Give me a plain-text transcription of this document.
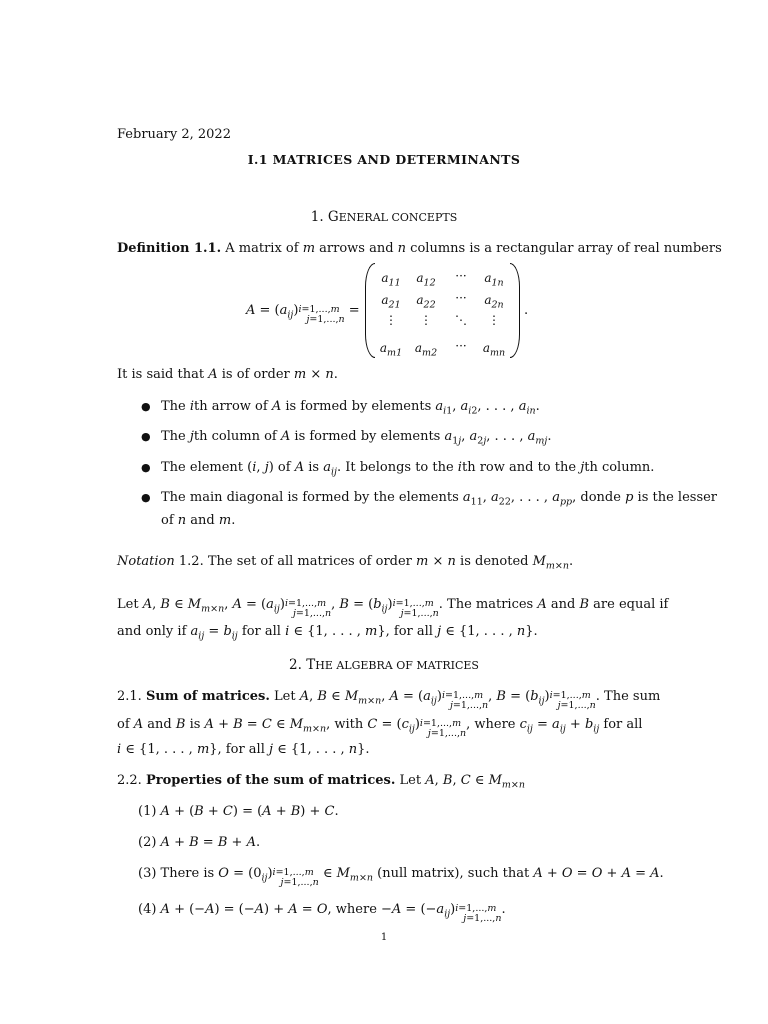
February 2, 2022
I.1 MATRICES AND DETERMINANTS
1. GENERAL CONCEPTS
Definition 1.1. A matrix of m arrows and n columns is a rectangular array of real numbers
$A = (a_{ij})$ i=1,...,m
j=1,...,n
=
$a_{11}$	$a_{12}$	···	$a_{1n}$
$a_{21}$	$a_{22}$	···	$a_{2n}$
⋮	⋮	⋱	⋮
$a_{m1}$	$a_{m2}$	···	$a_{mn}$
.
It is said that A is of order m × n.
● The ith arrow of A is formed by elements $a_{i1}$, $a_{i2}$, . . . , $a_{in}$.
● The jth column of A is formed by elements $a_{1j}$, $a_{2j}$, . . . , $a_{mj}$.
● The element (i, j) of A is $a_{ij}$. It belongs to the ith row and to the jth column.
● The main diagonal is formed by the elements $a_{11}$, $a_{22}$, . . . , $a_{pp}$, donde p is the lesser
of n and m.
Notation 1.2. The set of all matrices of order m × n is denoted $M_{m\times n}$.
Let A, B ∈ $M_{m\times n}$, $A = (a_{ij})$ i=1,...,m
j=1,...,n
, $B = (b_{ij})$ i=1,...,m
j=1,...,n
. The matrices A and B are equal if
and only if $a_{ij} = b_{ij}$ for all i ∈ {1, . . . , m}, for all j ∈ {1, . . . , n}.
2. THE ALGEBRA OF MATRICES
2.1. Sum of matrices. Let A, B ∈ $M_{m\times n}$, $A = (a_{ij})$ i=1,...,m
j=1,...,n
, $B = (b_{ij})$ i=1,...,m
j=1,...,n
. The sum
of A and B is A + B = C ∈ $M_{m\times n}$, with $C = (c_{ij})$ i=1,...,m
j=1,...,n
, where $c_{ij} = a_{ij} + b_{ij}$ for all
i ∈ {1, . . . , m}, for all j ∈ {1, . . . , n}.
2.2. Properties of the sum of matrices. Let A, B, C ∈ $M_{m\times n}$
(1) A + (B + C) = (A + B) + C.
(2) A + B = B + A.
(3) There is $O = (0_{ij})$ i=1,...,m
j=1,...,n
∈ $M_{m\times n}$ (null matrix), such that A + O = O + A = A.
(4) A + (−A) = (−A) + A = O, where $-A = (-a_{ij})$ i=1,...,m
j=1,...,n
.
1
